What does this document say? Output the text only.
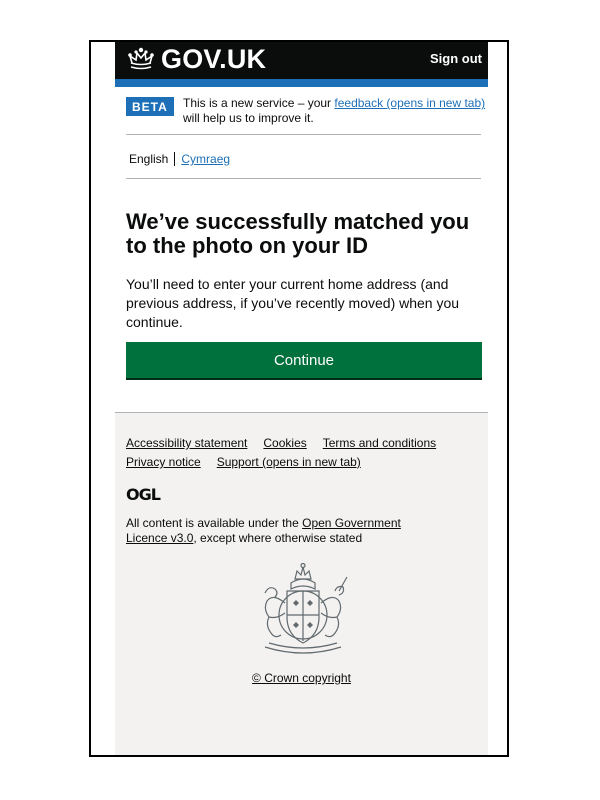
GOV.UK	Sign out
BETA	This is a new service – your feedback (opens in new tab) will help us to improve it.
English Cymraeg
We’ve successfully matched you to the photo on your ID

You’ll need to enter your current home address (and previous address, if you’ve recently moved) when you continue.

Continue
Accessibility statement Cookies Terms and conditions
Privacy notice Support (opens in new tab)
OGL
All content is available under the Open Government Licence v3.0, except where otherwise stated
© Crown copyright
